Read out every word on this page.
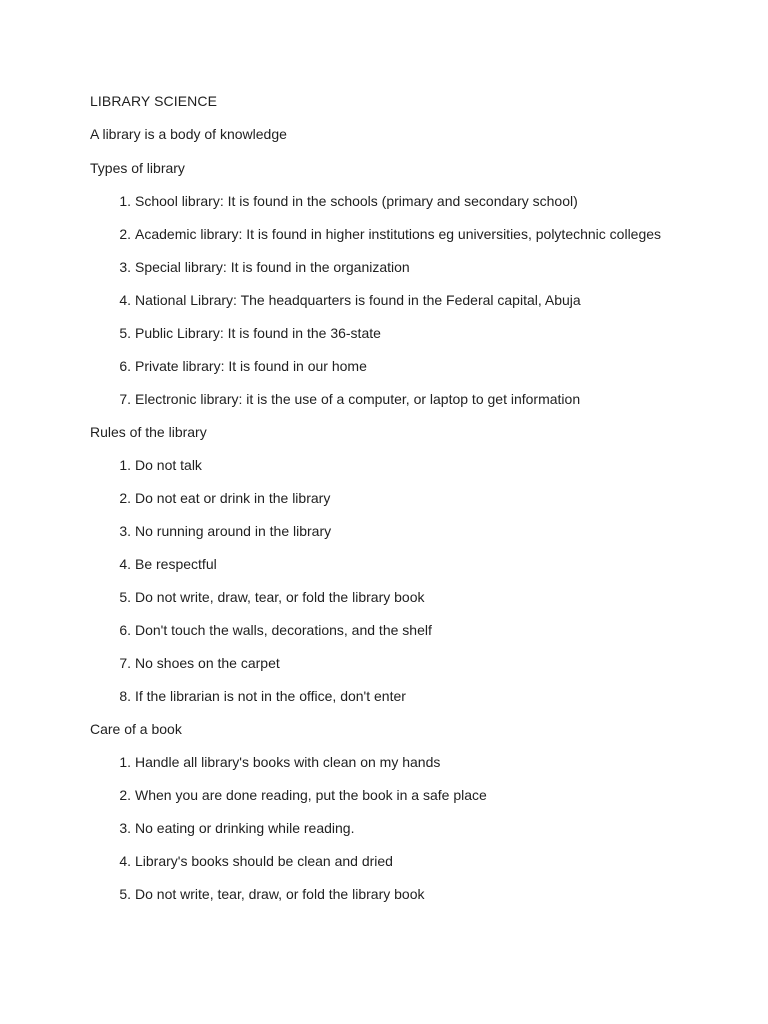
LIBRARY SCIENCE
A library is a body of knowledge
Types of library
1 . School library: It is found in the schools (primary and secondary school)
2 . Academic library: It is found in higher institutions eg universities, polytechnic colleges
3 . Special library: It is found in the organization
4 . National Library: The headquarters is found in the Federal capital, Abuja
5 . Public Library: It is found in the 36-state
6 . Private library: It is found in our home
7 . Electronic library: it is the use of a computer, or laptop to get information
Rules of the library
1 . Do not talk
2 . Do not eat or drink in the library
3 . No running around in the library
4 . Be respectful
5 . Do not write, draw, tear, or fold the library book
6 . Don't touch the walls, decorations, and the shelf
7 . No shoes on the carpet
8 . If the librarian is not in the office, don't enter
Care of a book
1 . Handle all library's books with clean on my hands
2 . When you are done reading, put the book in a safe place
3 . No eating or drinking while reading.
4 . Library's books should be clean and dried
5 . Do not write, tear, draw, or fold the library book
